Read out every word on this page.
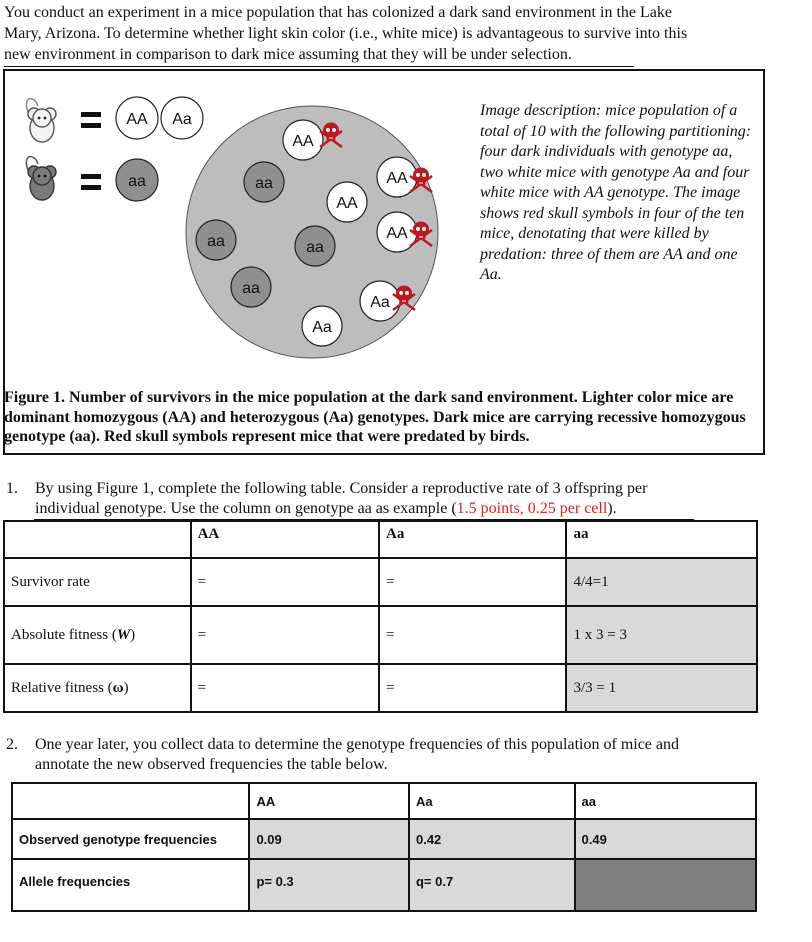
You conduct an experiment in a mice population that has colonized a dark sand environment in the Lake
Mary, Arizona. To determine whether light skin color (i.e., white mice) is advantageous to survive into this
new environment in comparison to dark mice assuming that they will be under selection.
AA Aa
aa
AA
aa	AA
AA
AA
aa	aa
aa
Aa
Aa
Image description: mice population of a total of 10 with the following partitioning: four dark individuals with genotype aa, two white mice with genotype Aa and four white mice with AA genotype. The image shows red skull symbols in four of the ten mice, denotating that were killed by predation: three of them are AA and one Aa.
Figure 1. Number of survivors in the mice population at the dark sand environment. Lighter color mice are dominant homozygous (AA) and heterozygous (Aa) genotypes. Dark mice are carrying recessive homozygous genotype (aa). Red skull symbols represent mice that were predated by birds.
1. By using Figure 1, complete the following table. Consider a reproductive rate of 3 offspring per
individual genotype. Use the column on genotype aa as example (1.5 points, 0.25 per cell).
	AA	Aa	aa
Survivor rate	=	=	4/4=1
Absolute fitness (W)	=	=	1 x 3 = 3
Relative fitness (ω)	=	=	3/3 = 1
2. One year later, you collect data to determine the genotype frequencies of this population of mice and
annotate the new observed frequencies the table below.
	AA	Aa	aa
Observed genotype frequencies	0.09	0.42	0.49
Allele frequencies	p= 0.3	q= 0.7	
